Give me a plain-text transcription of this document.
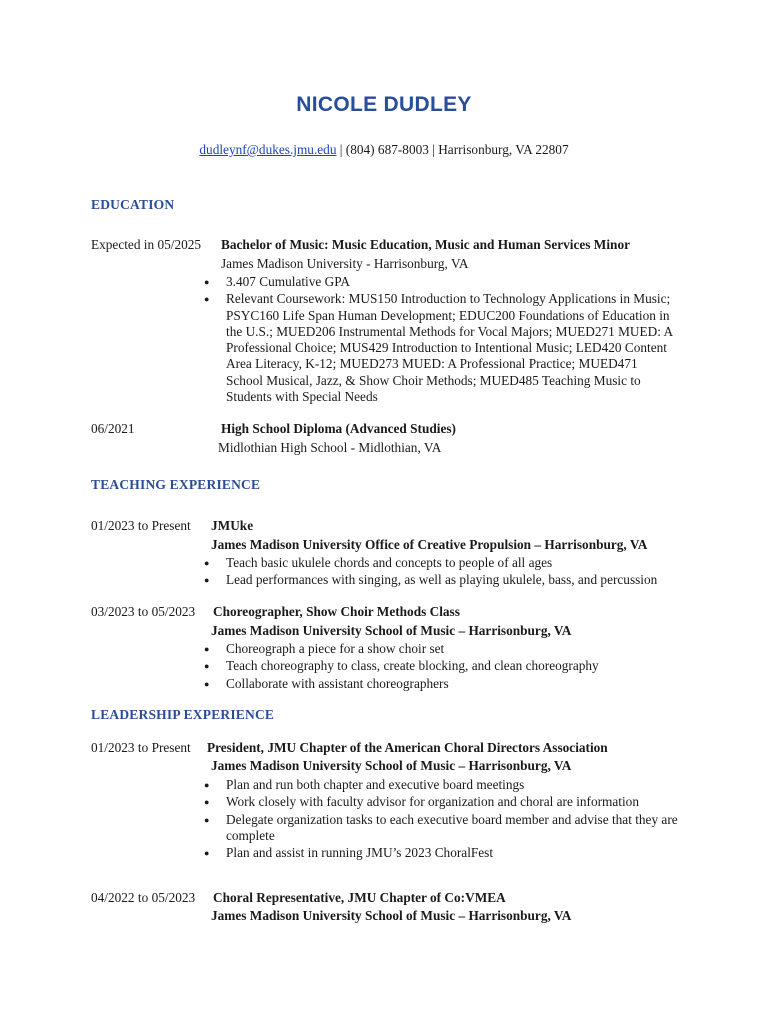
NICOLE DUDLEY
dudleynf@dukes.jmu.edu | (804) 687-8003 | Harrisonburg, VA 22807
EDUCATION
Expected in 05/2025 Bachelor of Music: Music Education, Music and Human Services Minor
James Madison University - Harrisonburg, VA
● 3.407 Cumulative GPA
● Relevant Coursework: MUS150 Introduction to Technology Applications in Music; PSYC160 Life Span Human Development; EDUC200 Foundations of Education in the U.S.; MUED206 Instrumental Methods for Vocal Majors; MUED271 MUED: A Professional Choice; MUS429 Introduction to Intentional Music; LED420 Content Area Literacy, K-12; MUED273 MUED: A Professional Practice; MUED471 School Musical, Jazz, & Show Choir Methods; MUED485 Teaching Music to Students with Special Needs
06/2021	High School Diploma (Advanced Studies)
Midlothian High School - Midlothian, VA
TEACHING EXPERIENCE
01/2023 to Present JMUke
James Madison University Office of Creative Propulsion – Harrisonburg, VA
● Teach basic ukulele chords and concepts to people of all ages
● Lead performances with singing, as well as playing ukulele, bass, and percussion
03/2023 to 05/2023 Choreographer, Show Choir Methods Class
James Madison University School of Music – Harrisonburg, VA
● Choreograph a piece for a show choir set
● Teach choreography to class, create blocking, and clean choreography
● Collaborate with assistant choreographers
LEADERSHIP EXPERIENCE
01/2023 to Present President, JMU Chapter of the American Choral Directors Association
James Madison University School of Music – Harrisonburg, VA
● Plan and run both chapter and executive board meetings
● Work closely with faculty advisor for organization and choral are information
● Delegate organization tasks to each executive board member and advise that they are complete
● Plan and assist in running JMU’s 2023 ChoralFest
04/2022 to 05/2023 Choral Representative, JMU Chapter of Co:VMEA
James Madison University School of Music – Harrisonburg, VA
